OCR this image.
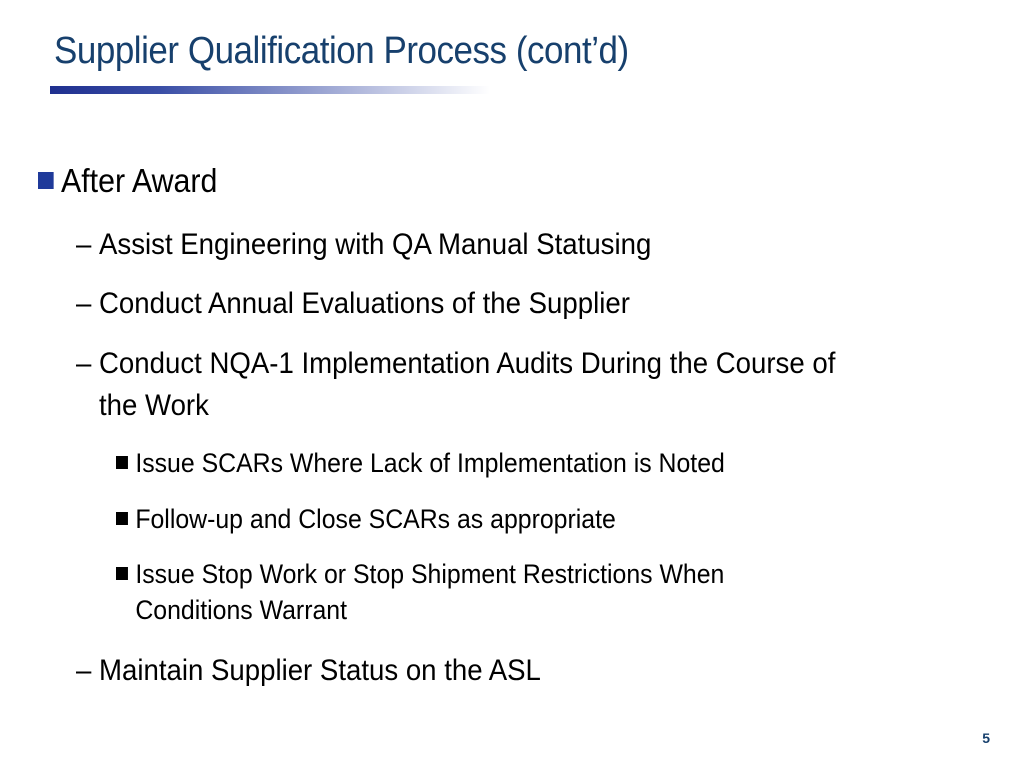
Supplier Qualification Process (cont’d)
After Award
– Assist Engineering with QA Manual Statusing
– Conduct Annual Evaluations of the Supplier
– Conduct NQA-1 Implementation Audits During the Course of
the Work
Issue SCARs Where Lack of Implementation is Noted
Follow-up and Close SCARs as appropriate
Issue Stop Work or Stop Shipment Restrictions When
Conditions Warrant
– Maintain Supplier Status on the ASL
5
